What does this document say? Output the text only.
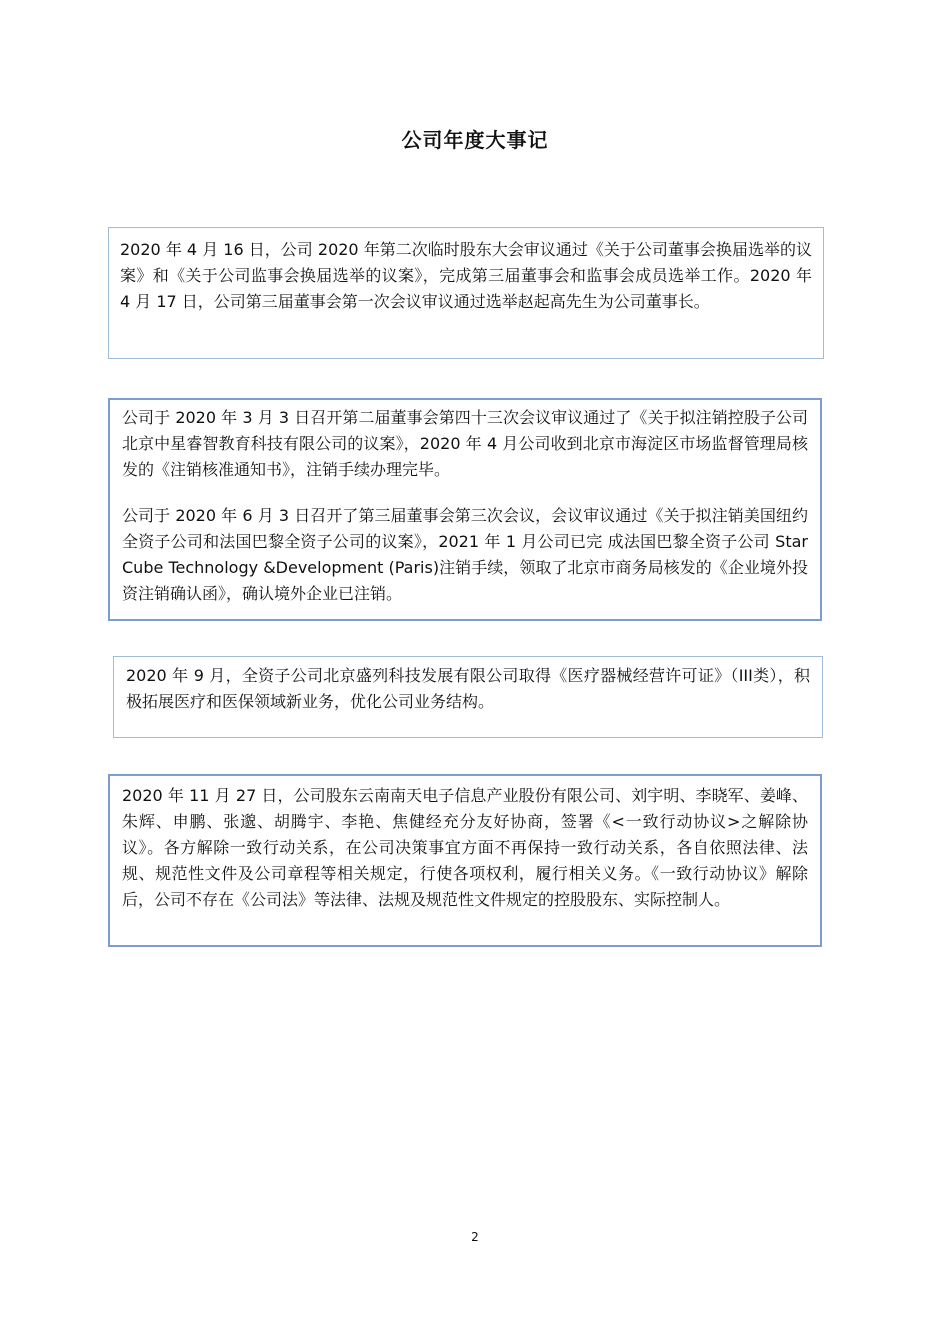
公司年度大事记

2020 年 4 月 16 日，公司 2020 年第二次临时股东大会审议通过《关于公司董事会换届选举的议案》和《关于公司监事会换届选举的议案》，完成第三届董事会和监事会成员选举工作。2020 年 4 月 17 日，公司第三届董事会第一次会议审议通过选举赵起高先生为公司董事长。

公司于 2020 年 3 月 3 日召开第二届董事会第四十三次会议审议通过了《关于拟注销控股子公司北京中星睿智教育科技有限公司的议案》，2020 年 4 月公司收到北京市海淀区市场监督管理局核发的《注销核准通知书》，注销手续办理完毕。

公司于 2020 年 6 月 3 日召开了第三届董事会第三次会议，会议审议通过《关于拟注销美国纽约全资子公司和法国巴黎全资子公司的议案》，2021 年 1 月公司已完 成法国巴黎全资子公司 Star Cube Technology &Development (Paris)注销手续，领取了北京市商务局核发的《企业境外投资注销确认函》，确认境外企业已注销。

2020 年 9 月，全资子公司北京盛列科技发展有限公司取得《医疗器械经营许可证》（III类），积极拓展医疗和医保领域新业务，优化公司业务结构。

2020 年 11 月 27 日，公司股东云南南天电子信息产业股份有限公司、刘宇明、李晓军、姜峰、朱辉、申鹏、张邈、胡腾宇、李艳、焦健经充分友好协商，签署《<一致行动协议>之解除协议》。各方解除一致行动关系，在公司决策事宜方面不再保持一致行动关系，各自依照法律、法规、规范性文件及公司章程等相关规定，行使各项权利，履行相关义务。《一致行动协议》解除后，公司不存在《公司法》等法律、法规及规范性文件规定的控股股东、实际控制人。

2
